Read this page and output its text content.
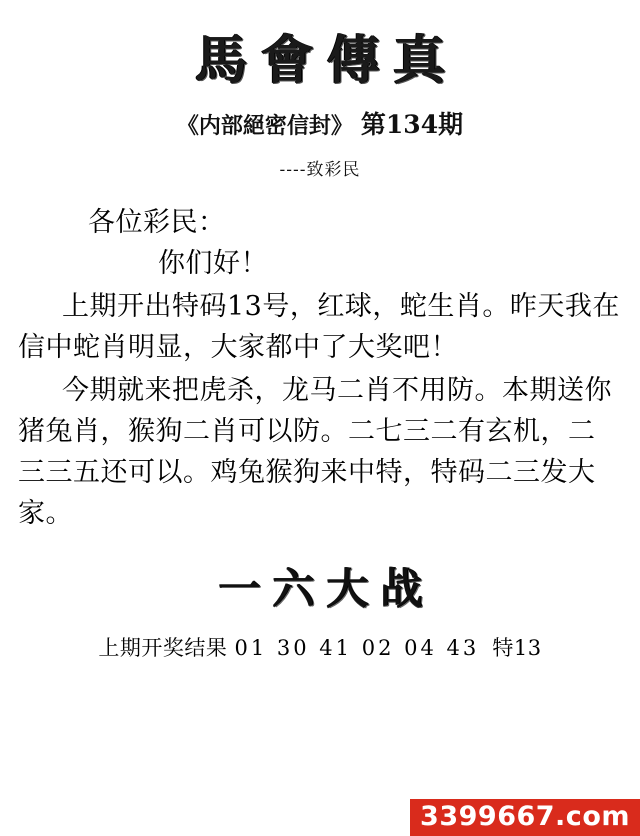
馬會傳真
《内部絕密信封》 第134期
----致彩民
各位彩民：
你们好！
上期开出特码13号，红球，蛇生肖。昨天我在信中蛇肖明显，大家都中了大奖吧！
今期就来把虎杀，龙马二肖不用防。本期送你猪兔肖，猴狗二肖可以防。二七三二有玄机，二三三五还可以。鸡兔猴狗来中特，特码二三发大家。
一六大战
上期开奖结果 01 30 41 02 04 43 特13
3399667.com
